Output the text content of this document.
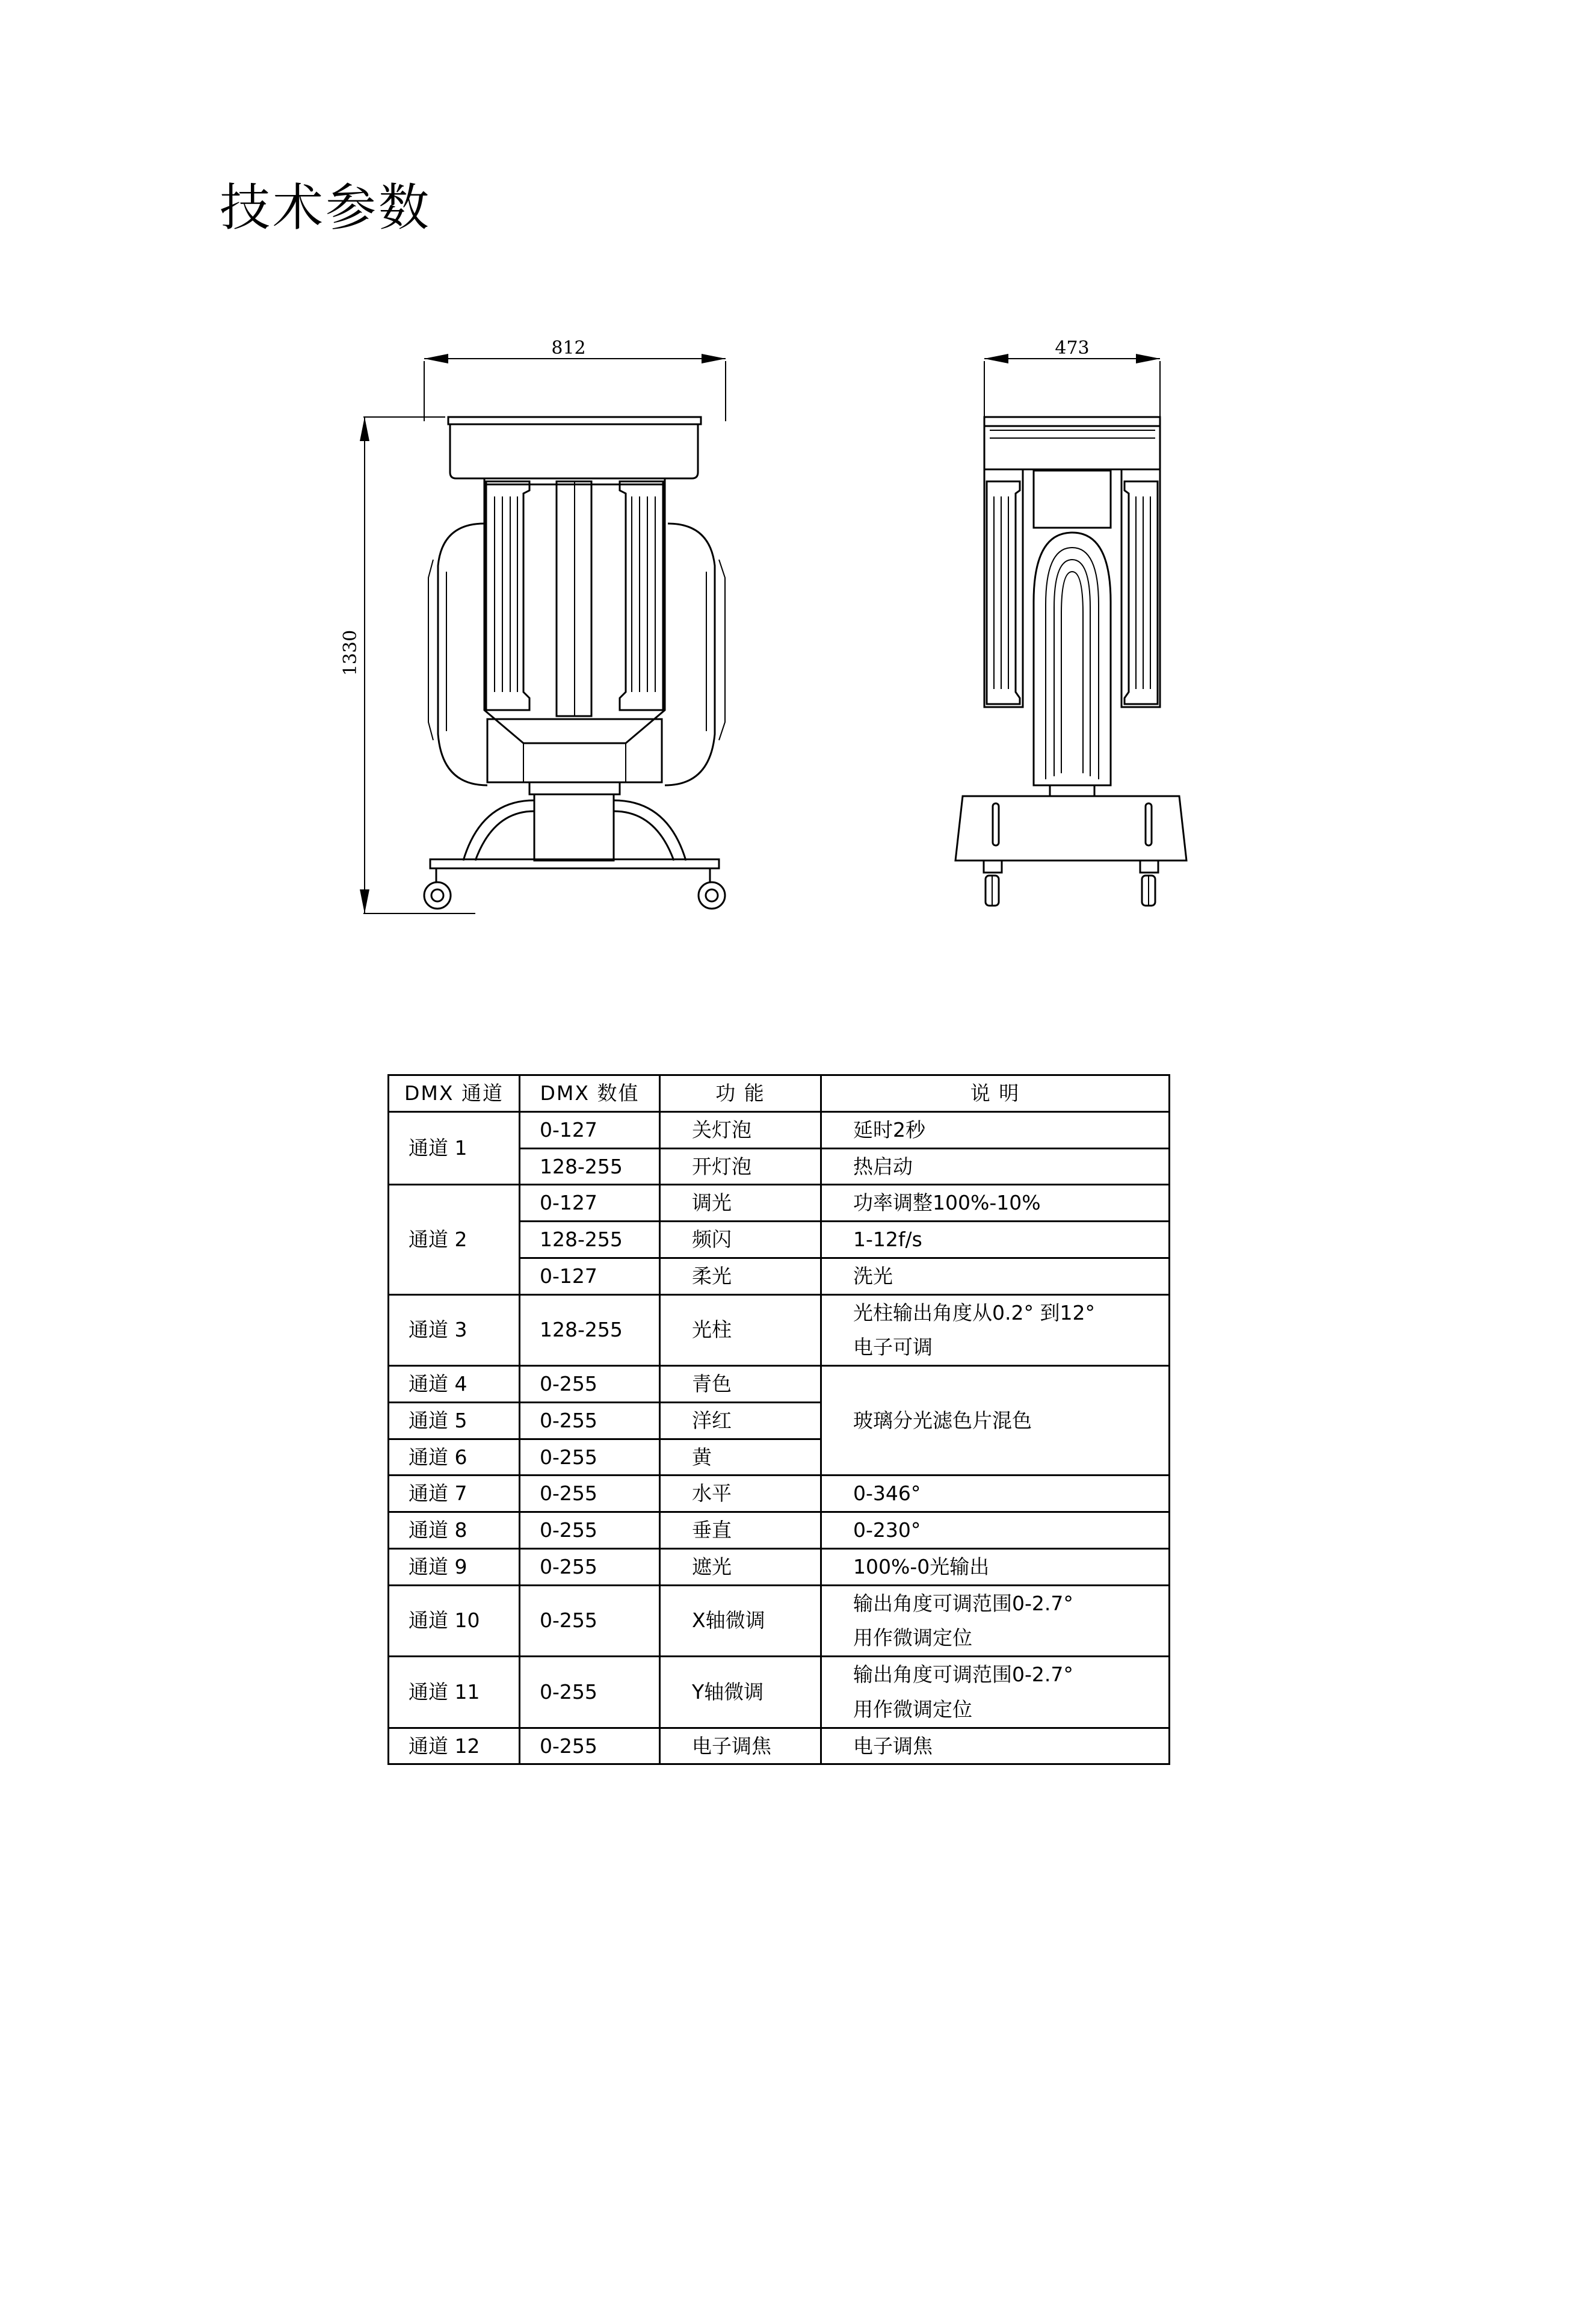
技术参数
812
1330
473
DMX 通道	DMX 数值	功 能	说 明
通道 1	0-127	关灯泡	延时2秒
	128-255	开灯泡	热启动
通道 2	0-127	调光	功率调整100%-10%
	128-255	频闪	1-12f/s
	0-127	柔光	洗光
通道 3	128-255	光柱	光柱输出角度从0.2° 到12°
电子可调

通道 4	0-255	青色	玻璃分光滤色片混色
通道 5	0-255	洋红	
通道 6	0-255	黄	
通道 7	0-255	水平	0-346°
通道 8	0-255	垂直	0-230°
通道 9	0-255	遮光	100%-0光输出
通道 10	0-255	X轴微调	输出角度可调范围0-2.7°
用作微调定位

通道 11	0-255	Y轴微调	输出角度可调范围0-2.7°
用作微调定位

通道 12	0-255	电子调焦	电子调焦
